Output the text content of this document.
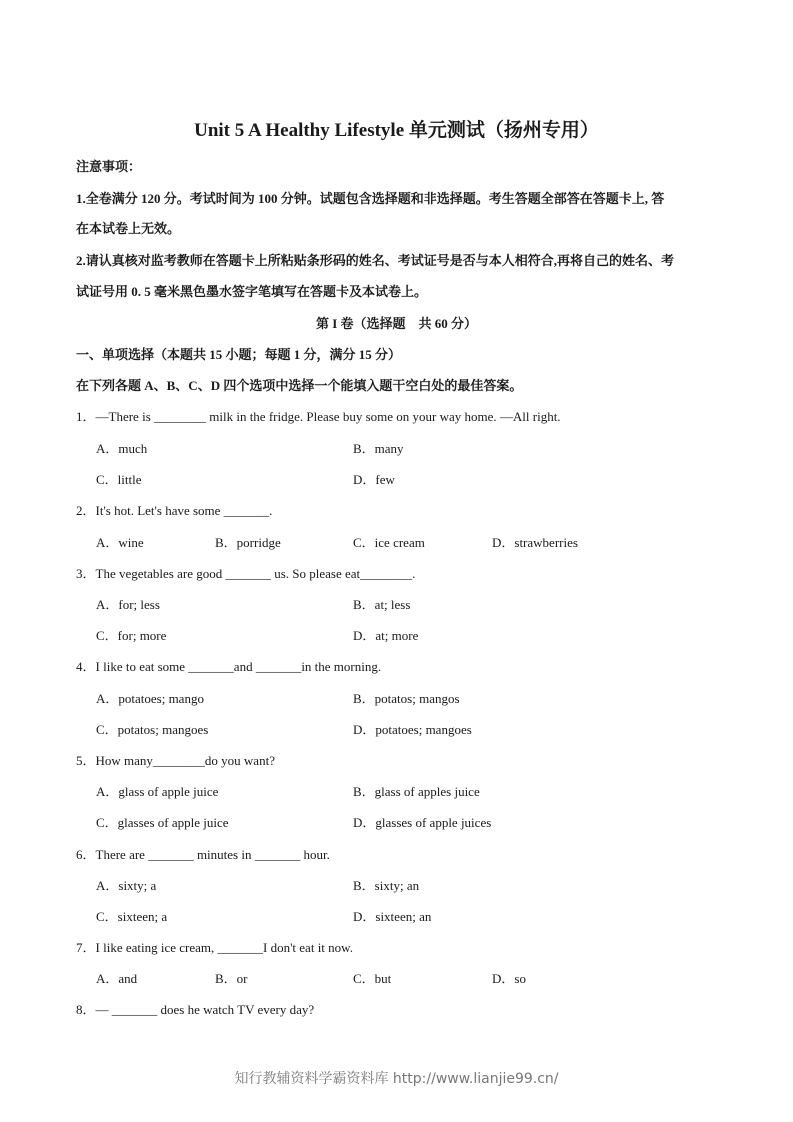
Unit 5 A Healthy Lifestyle 单元测试（扬州专用）
注意事项：
1.全卷满分 120 分。考试时间为 100 分钟。试题包含选择题和非选择题。考生答题全部答在答题卡上, 答
在本试卷上无效。
2.请认真核对监考教师在答题卡上所粘贴条形码的姓名、考试证号是否与本人相符合,再将自己的姓名、考
试证号用 0. 5 毫米黑色墨水签字笔填写在答题卡及本试卷上。
第 I 卷（选择题　共 60 分）
一、单项选择（本题共 15 小题；每题 1 分，满分 15 分）
在下列各题 A、B、C、D 四个选项中选择一个能填入题干空白处的最佳答案。
1．—There is ________ milk in the fridge. Please buy some on your way home. —All right.
A．much	B．many
C．little	D．few
2．It's hot. Let's have some _______.
A．wine	B．porridge	C．ice cream	D．strawberries
3．The vegetables are good _______ us. So please eat________.
A．for; less	B．at; less
C．for; more	D．at; more
4．I like to eat some _______and _______in the morning.
A．potatoes; mango	B．potatos; mangos
C．potatos; mangoes	D．potatoes; mangoes
5．How many________do you want?
A．glass of apple juice	B．glass of apples juice
C．glasses of apple juice	D．glasses of apple juices
6．There are _______ minutes in _______ hour.
A．sixty; a	B．sixty; an
C．sixteen; a	D．sixteen; an
7．I like eating ice cream, _______I don't eat it now.
A．and	B．or	C．but	D．so
8．— _______ does he watch TV every day?
知行教辅资料学霸资料库 http://www.lianjie99.cn/
